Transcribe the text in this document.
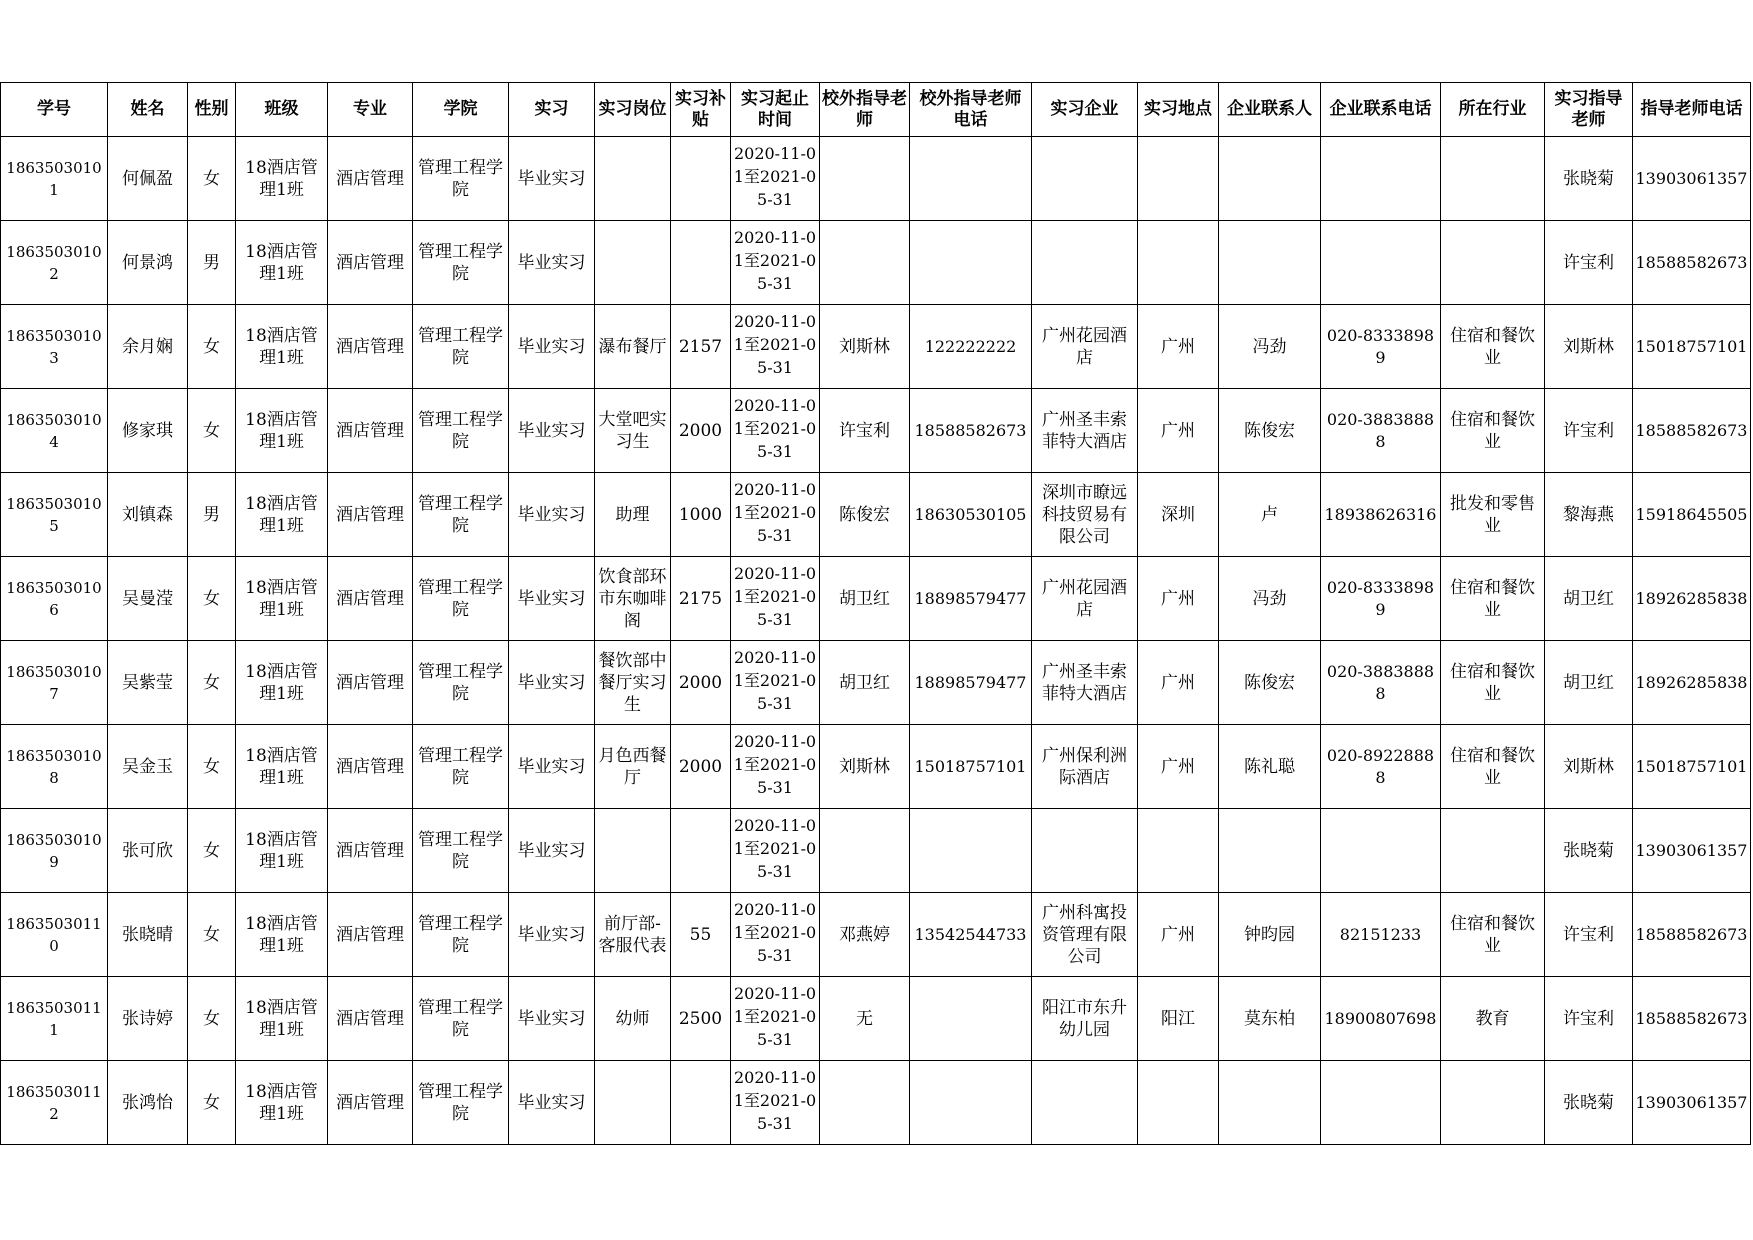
学号	姓名	性别	班级	专业	学院	实习	实习岗位	实习补贴	实习起止时间	校外指导老师	校外指导老师电话	实习企业	实习地点	企业联系人	企业联系电话	所在行业	实习指导老师	指导老师电话

18635030101	何佩盈	女	18酒店管理1班	酒店管理	管理工程学院	毕业实习			2020-11-01至2021-05-31								张晓菊	13903061357

18635030102	何景鸿	男	18酒店管理1班	酒店管理	管理工程学院	毕业实习			2020-11-01至2021-05-31								许宝利	18588582673

18635030103	余月娴	女	18酒店管理1班	酒店管理	管理工程学院	毕业实习	瀑布餐厅	2157	2020-11-01至2021-05-31	刘斯林	122222222	广州花园酒店	广州	冯劲	020-83338989	住宿和餐饮业	刘斯林	15018757101

18635030104	修家琪	女	18酒店管理1班	酒店管理	管理工程学院	毕业实习	大堂吧实习生	2000	2020-11-01至2021-05-31	许宝利	18588582673	广州圣丰索菲特大酒店	广州	陈俊宏	020-38838888	住宿和餐饮业	许宝利	18588582673

18635030105	刘镇森	男	18酒店管理1班	酒店管理	管理工程学院	毕业实习	助理	1000	2020-11-01至2021-05-31	陈俊宏	18630530105	深圳市瞭远科技贸易有限公司	深圳	卢	18938626316	批发和零售业	黎海燕	15918645505

18635030106	吴曼滢	女	18酒店管理1班	酒店管理	管理工程学院	毕业实习	饮食部环市东咖啡阁	2175	2020-11-01至2021-05-31	胡卫红	18898579477	广州花园酒店	广州	冯劲	020-83338989	住宿和餐饮业	胡卫红	18926285838

18635030107	吴紫莹	女	18酒店管理1班	酒店管理	管理工程学院	毕业实习	餐饮部中餐厅实习生	2000	2020-11-01至2021-05-31	胡卫红	18898579477	广州圣丰索菲特大酒店	广州	陈俊宏	020-38838888	住宿和餐饮业	胡卫红	18926285838

18635030108	吴金玉	女	18酒店管理1班	酒店管理	管理工程学院	毕业实习	月色西餐厅	2000	2020-11-01至2021-05-31	刘斯林	15018757101	广州保利洲际酒店	广州	陈礼聪	020-89228888	住宿和餐饮业	刘斯林	15018757101

18635030109	张可欣	女	18酒店管理1班	酒店管理	管理工程学院	毕业实习			2020-11-01至2021-05-31								张晓菊	13903061357

18635030110	张晓晴	女	18酒店管理1班	酒店管理	管理工程学院	毕业实习	前厅部-客服代表	55	2020-11-01至2021-05-31	邓燕婷	13542544733	广州科寓投资管理有限公司	广州	钟昀园	82151233	住宿和餐饮业	许宝利	18588582673

18635030111	张诗婷	女	18酒店管理1班	酒店管理	管理工程学院	毕业实习	幼师	2500	2020-11-01至2021-05-31	无		阳江市东升幼儿园	阳江	莫东柏	18900807698	教育	许宝利	18588582673

18635030112	张鸿怡	女	18酒店管理1班	酒店管理	管理工程学院	毕业实习			2020-11-01至2021-05-31								张晓菊	13903061357
